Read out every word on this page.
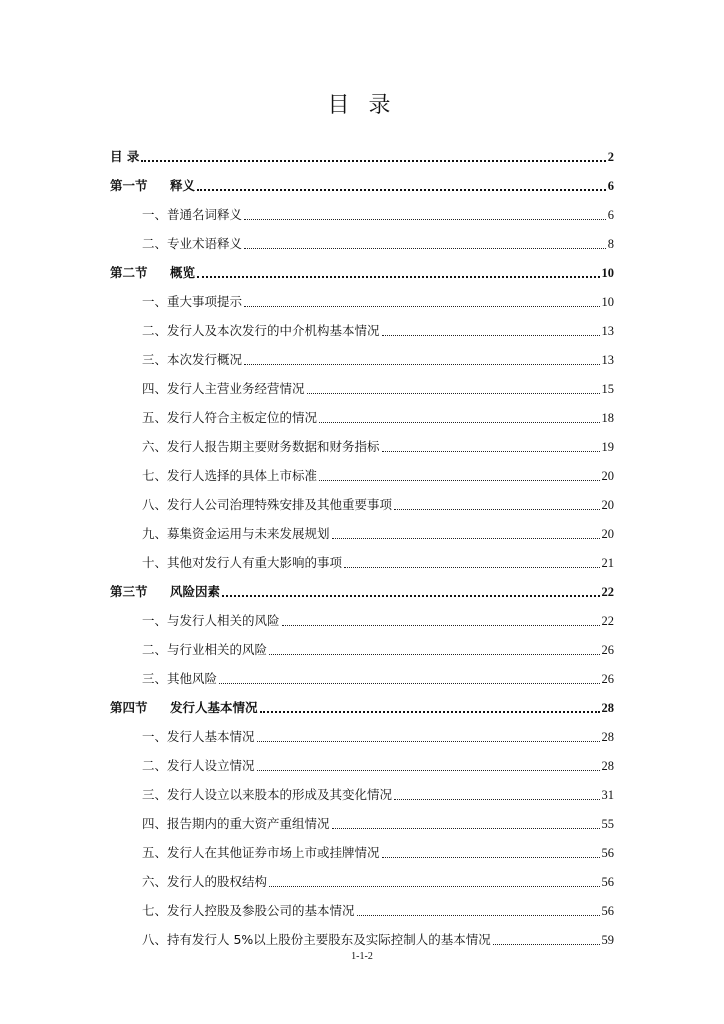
目 录
目 录	2
第一节 释义	6
一、普通名词释义	6
二、专业术语释义	8
第二节 概览	10
一、重大事项提示	10
二、发行人及本次发行的中介机构基本情况	13
三、本次发行概况	13
四、发行人主营业务经营情况	15
五、发行人符合主板定位的情况	18
六、发行人报告期主要财务数据和财务指标	19
七、发行人选择的具体上市标准	20
八、发行人公司治理特殊安排及其他重要事项	20
九、募集资金运用与未来发展规划	20
十、其他对发行人有重大影响的事项	21
第三节 风险因素	22
一、与发行人相关的风险	22
二、与行业相关的风险	26
三、其他风险	26
第四节 发行人基本情况	28
一、发行人基本情况	28
二、发行人设立情况	28
三、发行人设立以来股本的形成及其变化情况	31
四、报告期内的重大资产重组情况	55
五、发行人在其他证券市场上市或挂牌情况	56
六、发行人的股权结构	56
七、发行人控股及参股公司的基本情况	56
八、持有发行人 5%以上股份主要股东及实际控制人的基本情况	59
1-1-2
